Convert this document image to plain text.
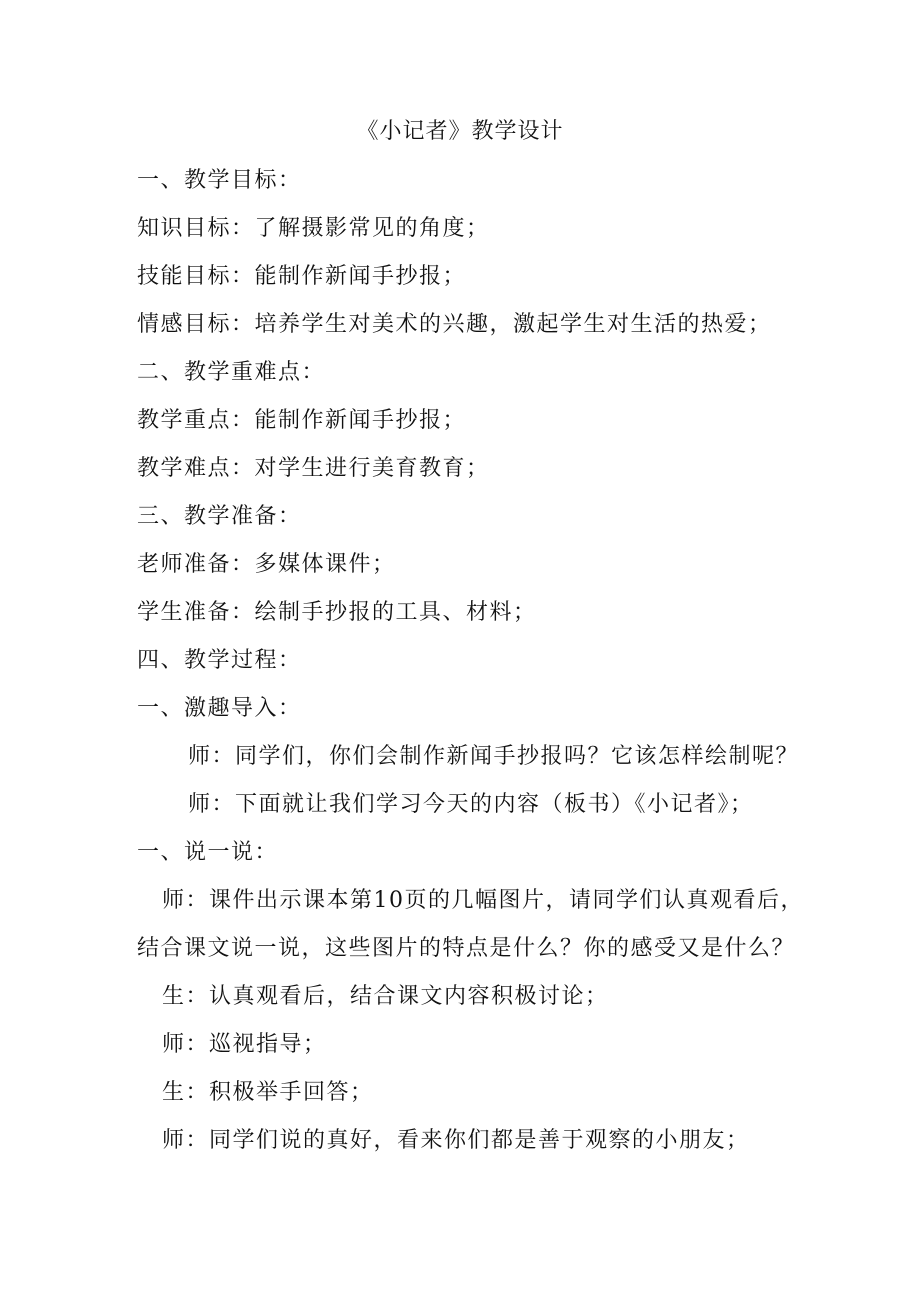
《小记者》教学设计
一、教学目标：
知识目标：了解摄影常见的角度；
技能目标：能制作新闻手抄报；
情感目标：培养学生对美术的兴趣，激起学生对生活的热爱；
二、教学重难点：
教学重点：能制作新闻手抄报；
教学难点：对学生进行美育教育；
三、教学准备：
老师准备：多媒体课件；
学生准备：绘制手抄报的工具、材料；
四、教学过程：
一、激趣导入：
师：同学们，你们会制作新闻手抄报吗？它该怎样绘制呢？
师：下面就让我们学习今天的内容（板书）《小记者》；
一、说一说：
师：课件出示课本第10页的几幅图片，请同学们认真观看后，
结合课文说一说，这些图片的特点是什么？你的感受又是什么？
生：认真观看后，结合课文内容积极讨论；
师：巡视指导；
生：积极举手回答；
师：同学们说的真好，看来你们都是善于观察的小朋友；
